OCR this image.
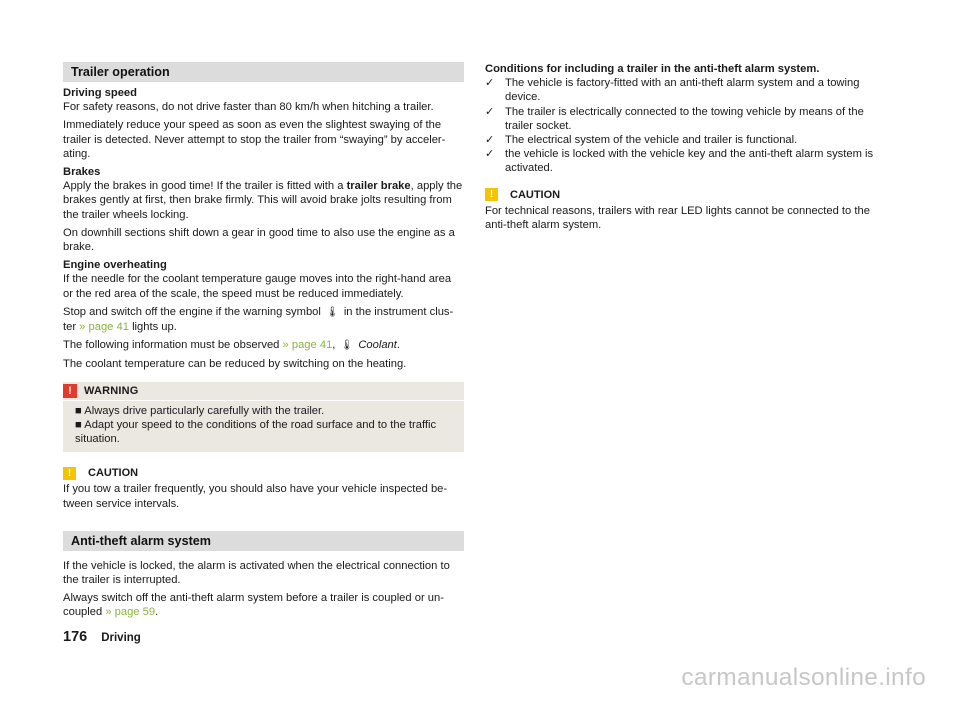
Trailer operation
Driving speed

For safety reasons, do not drive faster than 80 km/h when hitching a trailer.

Immediately reduce your speed as soon as even the slightest swaying of the trailer is detected. Never attempt to stop the trailer from “swaying” by acceler-ating.

Brakes

Apply the brakes in good time! If the trailer is fitted with a trailer brake, apply the brakes gently at first, then brake firmly. This will avoid brake jolts resulting from the trailer wheels locking.

On downhill sections shift down a gear in good time to also use the engine as a brake.

Engine overheating

If the needle for the coolant temperature gauge moves into the right-hand area or the red area of the scale, the speed must be reduced immediately.

Stop and switch off the engine if the warning symbol 🌡︎ in the instrument clus-ter » page 41 lights up.

The following information must be observed » page 41, 🌡︎ Coolant.

The coolant temperature can be reduced by switching on the heating.

!	WARNING
■ Always drive particularly carefully with the trailer.
■ Adapt your speed to the conditions of the road surface and to the traffic situation.
!	CAUTION

If you tow a trailer frequently, you should also have your vehicle inspected be-tween service intervals.

Anti-theft alarm system

If the vehicle is locked, the alarm is activated when the electrical connection to the trailer is interrupted.

Always switch off the anti-theft alarm system before a trailer is coupled or un-coupled » page 59.

Conditions for including a trailer in the anti-theft alarm system.
✓ The vehicle is factory-fitted with an anti-theft alarm system and a towing device.
✓ The trailer is electrically connected to the towing vehicle by means of the trailer socket.
✓ The electrical system of the vehicle and trailer is functional.
✓ the vehicle is locked with the vehicle key and the anti-theft alarm system is activated.
!	CAUTION

For technical reasons, trailers with rear LED lights cannot be connected to the anti-theft alarm system.

176 Driving
carmanualsonline.info
